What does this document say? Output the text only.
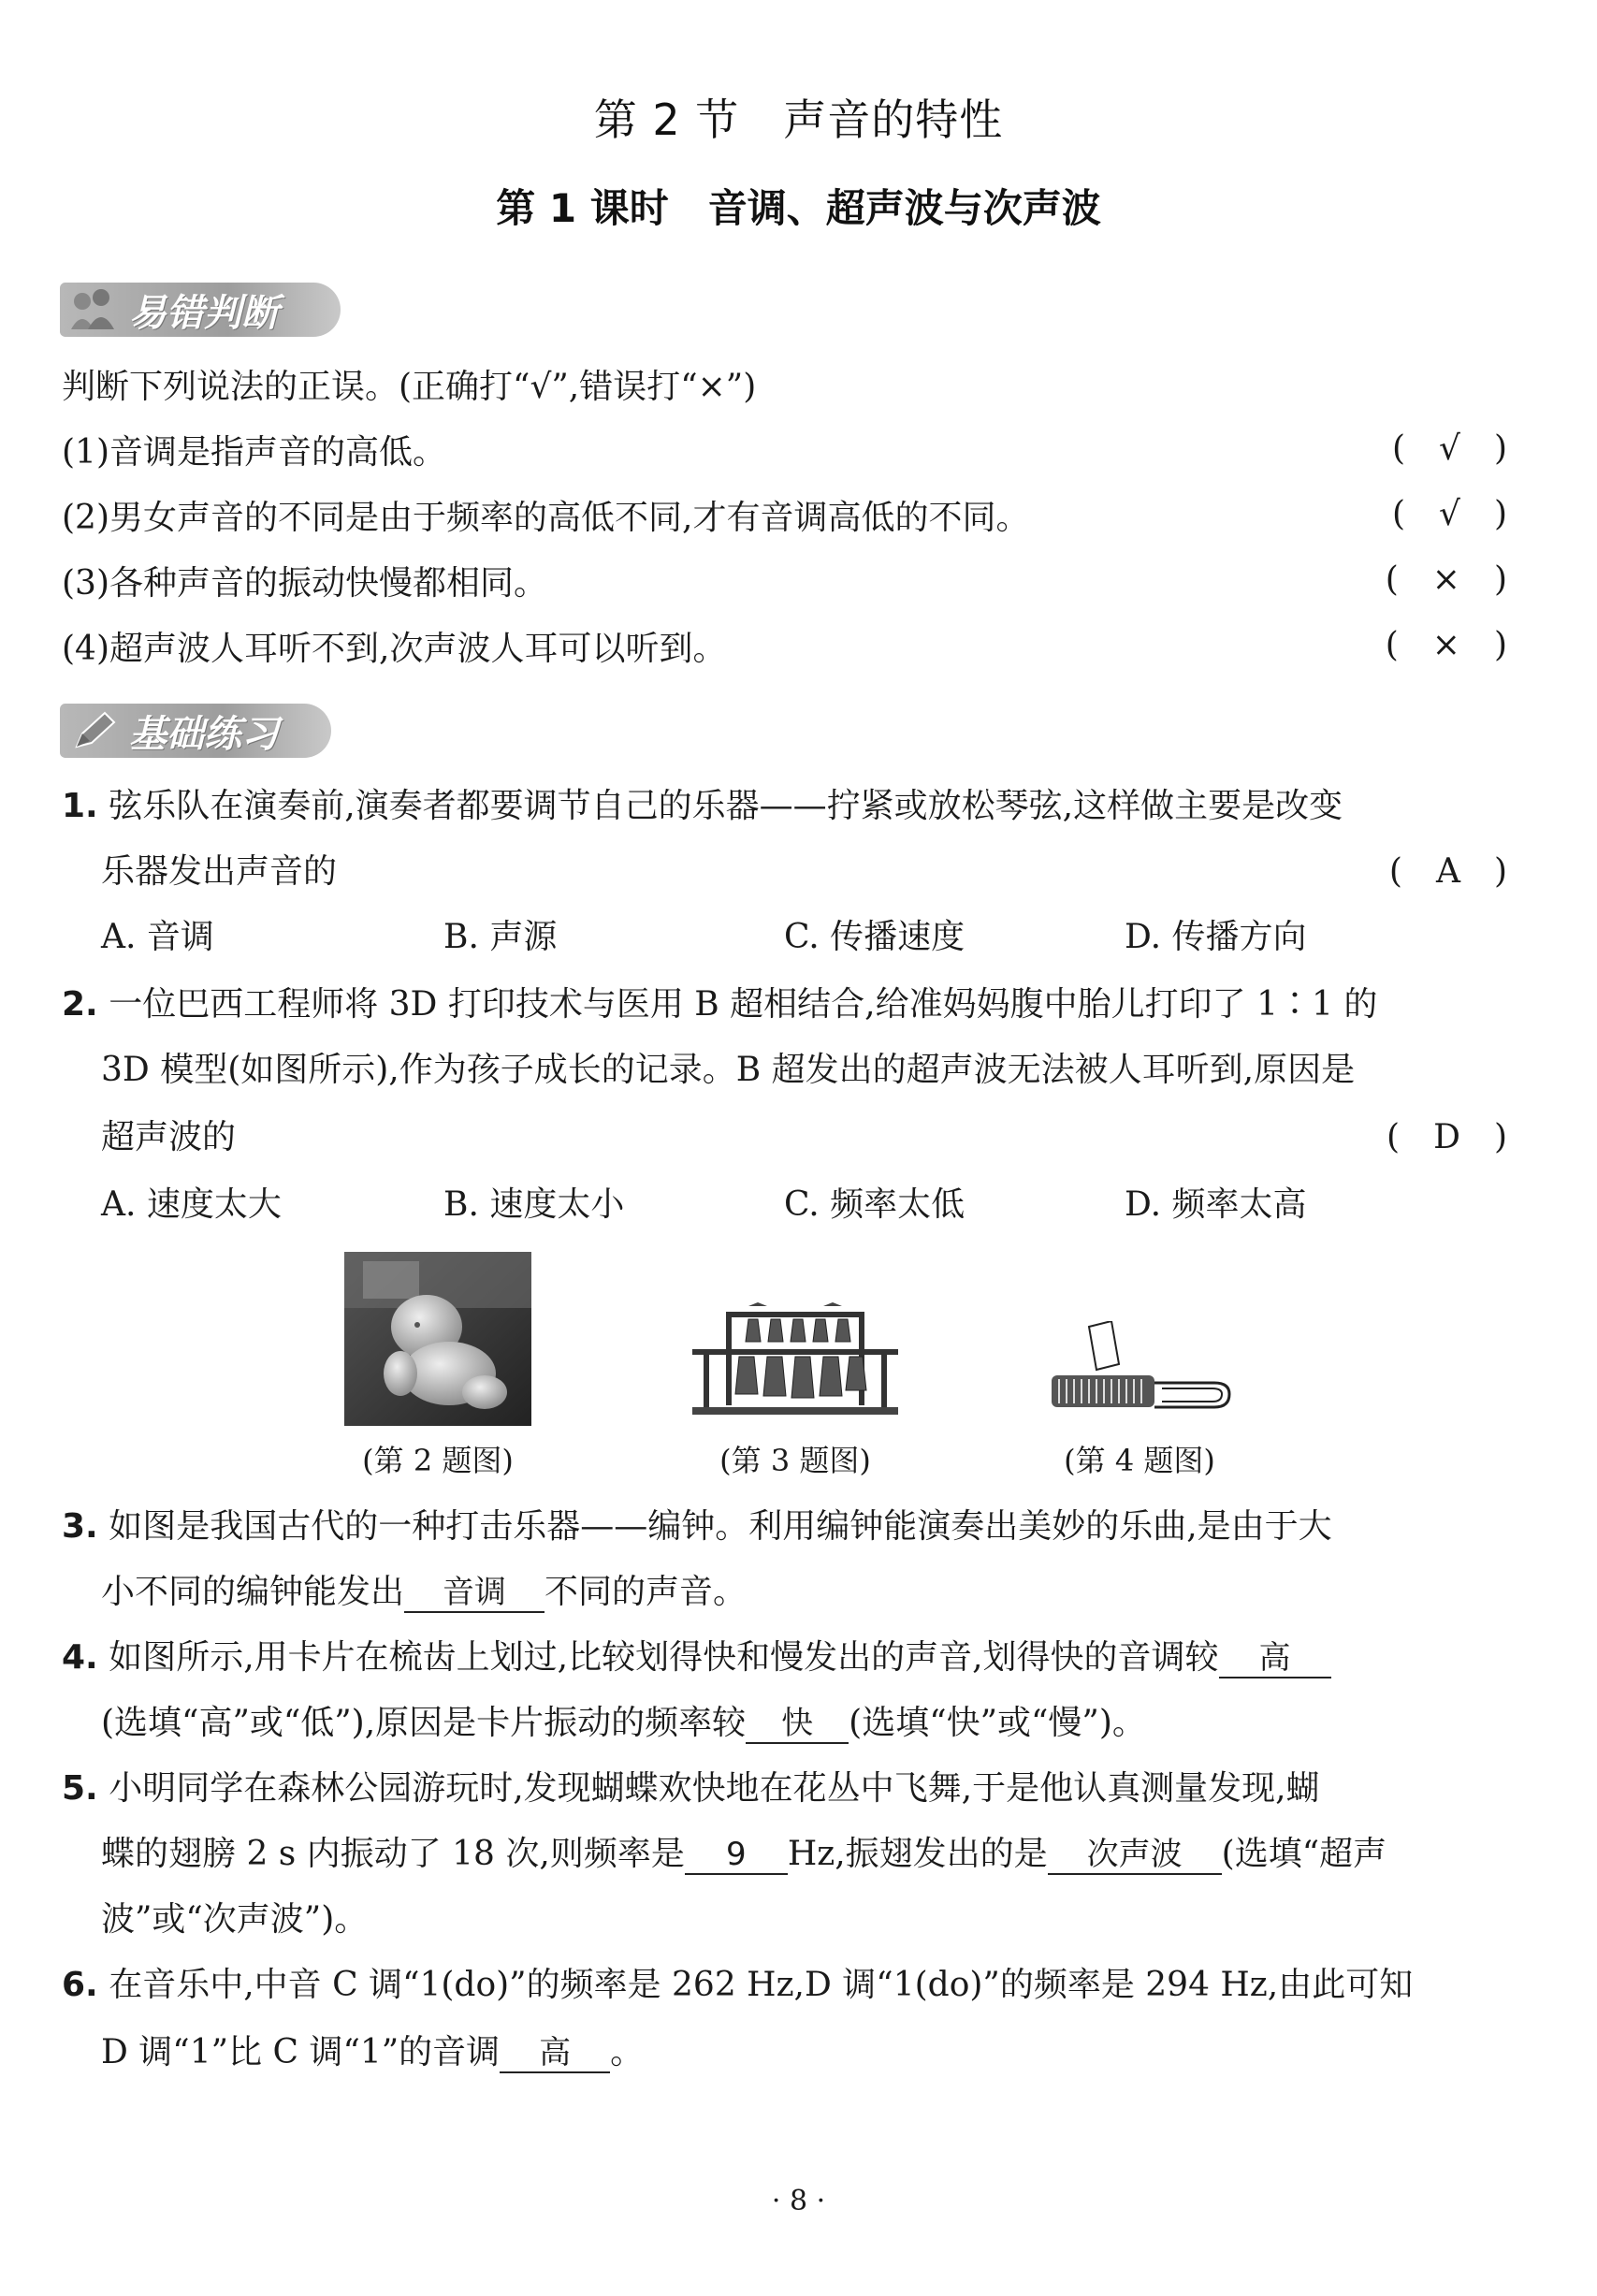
第 2 节　声音的特性
第 1 课时　音调、超声波与次声波
易错判断
判断下列说法的正误。(正确打“√”,错误打“×”)
(1)音调是指声音的高低。	(　√　)
(2)男女声音的不同是由于频率的高低不同,才有音调高低的不同。	(　√　)
(3)各种声音的振动快慢都相同。	(　×　)
(4)超声波人耳听不到,次声波人耳可以听到。	(　×　)
基础练习
1. 弦乐队在演奏前,演奏者都要调节自己的乐器——拧紧或放松琴弦,这样做主要是改变
乐器发出声音的	(　A　)
A. 音调	B. 声源	C. 传播速度	D. 传播方向
2. 一位巴西工程师将 3D 打印技术与医用 B 超相结合,给准妈妈腹中胎儿打印了 1∶1 的
3D 模型(如图所示),作为孩子成长的记录。B 超发出的超声波无法被人耳听到,原因是
超声波的	(　D　)
A. 速度太大	B. 速度太小	C. 频率太低	D. 频率太高
(第 2 题图)	(第 3 题图)	(第 4 题图)
3. 如图是我国古代的一种打击乐器——编钟。利用编钟能演奏出美妙的乐曲,是由于大
小不同的编钟能发出 音调 不同的声音。
4. 如图所示,用卡片在梳齿上划过,比较划得快和慢发出的声音,划得快的音调较 高
(选填“高”或“低”),原因是卡片振动的频率较 快 (选填“快”或“慢”)。
5. 小明同学在森林公园游玩时,发现蝴蝶欢快地在花丛中飞舞,于是他认真测量发现,蝴
蝶的翅膀 2 s 内振动了 18 次,则频率是 9 Hz,振翅发出的是 次声波 (选填“超声
波”或“次声波”)。
6. 在音乐中,中音 C 调“1(do)”的频率是 262 Hz,D 调“1(do)”的频率是 294 Hz,由此可知
D 调“1”比 C 调“1”的音调 高 。
· 8 ·
